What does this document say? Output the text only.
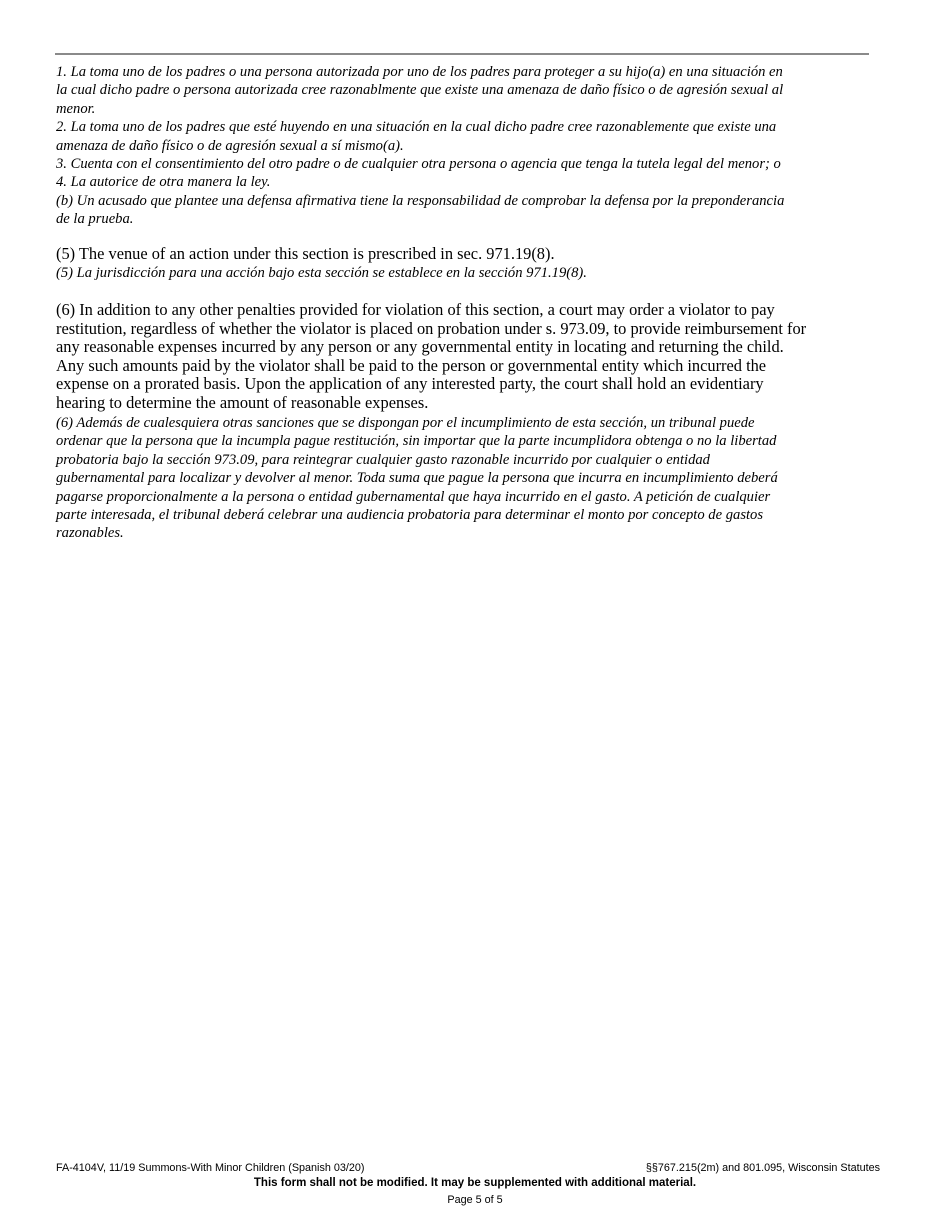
1. La toma uno de los padres o una persona autorizada por uno de los padres para proteger a su hijo(a) en una situación en
la cual dicho padre o persona autorizada cree razonablmente que existe una amenaza de daño físico o de agresión sexual al
menor.
2. La toma uno de los padres que esté huyendo en una situación en la cual dicho padre cree razonablemente que existe una
amenaza de daño físico o de agresión sexual a sí mismo(a).
3. Cuenta con el consentimiento del otro padre o de cualquier otra persona o agencia que tenga la tutela legal del menor; o
4. La autorice de otra manera la ley.
(b) Un acusado que plantee una defensa afirmativa tiene la responsabilidad de comprobar la defensa por la preponderancia
de la prueba.
(5) The venue of an action under this section is prescribed in sec. 971.19(8).
(5) La jurisdicción para una acción bajo esta sección se establece en la sección 971.19(8).
(6) In addition to any other penalties provided for violation of this section, a court may order a violator to pay
restitution, regardless of whether the violator is placed on probation under s. 973.09, to provide reimbursement for
any reasonable expenses incurred by any person or any governmental entity in locating and returning the child.
Any such amounts paid by the violator shall be paid to the person or governmental entity which incurred the
expense on a prorated basis. Upon the application of any interested party, the court shall hold an evidentiary
hearing to determine the amount of reasonable expenses.
(6) Además de cualesquiera otras sanciones que se dispongan por el incumplimiento de esta sección, un tribunal puede
ordenar que la persona que la incumpla pague restitución, sin importar que la parte incumplidora obtenga o no la libertad
probatoria bajo la sección 973.09, para reintegrar cualquier gasto razonable incurrido por cualquier o entidad
gubernamental para localizar y devolver al menor. Toda suma que pague la persona que incurra en incumplimiento deberá
pagarse proporcionalmente a la persona o entidad gubernamental que haya incurrido en el gasto. A petición de cualquier
parte interesada, el tribunal deberá celebrar una audiencia probatoria para determinar el monto por concepto de gastos
razonables.
FA-4104V, 11/19 Summons-With Minor Children (Spanish 03/20)	§§767.215(2m) and 801.095, Wisconsin Statutes
This form shall not be modified. It may be supplemented with additional material.
Page 5 of 5
